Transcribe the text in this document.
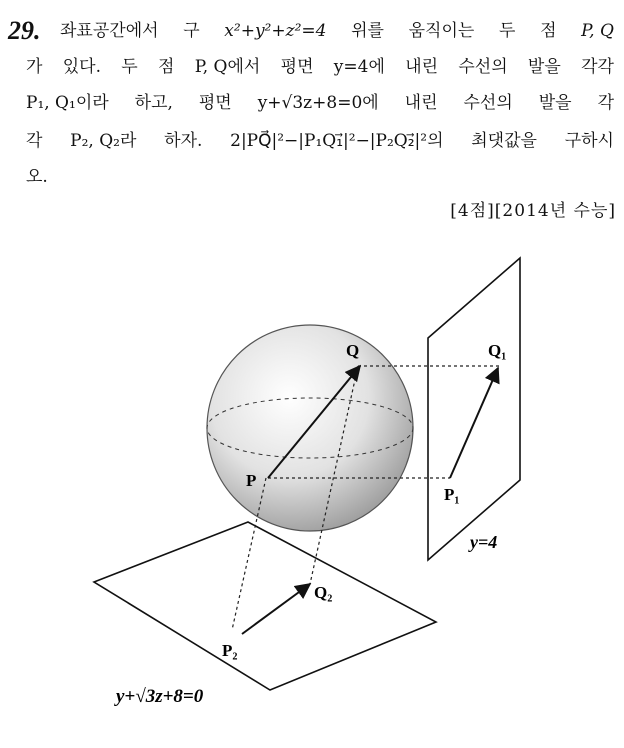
29. 좌표공간에서 구 x²+y²+z²=4 위를 움직이는 두 점 P, Q
가 있다. 두 점 P, Q에서 평면 y=4에 내린 수선의 발을 각각
P₁, Q₁이라 하고, 평면 y+√3z+8=0에 내린 수선의 발을 각
각 P₂, Q₂라 하자. 2|PQ⃗|²−|P₁Q₁⃗|²−|P₂Q₂⃗|²의 최댓값을 구하시
오.
[4점][2014년 수능]
Q
P
Q₁
P₁
Q₂
P₂
y=4
y+√3z+8=0
